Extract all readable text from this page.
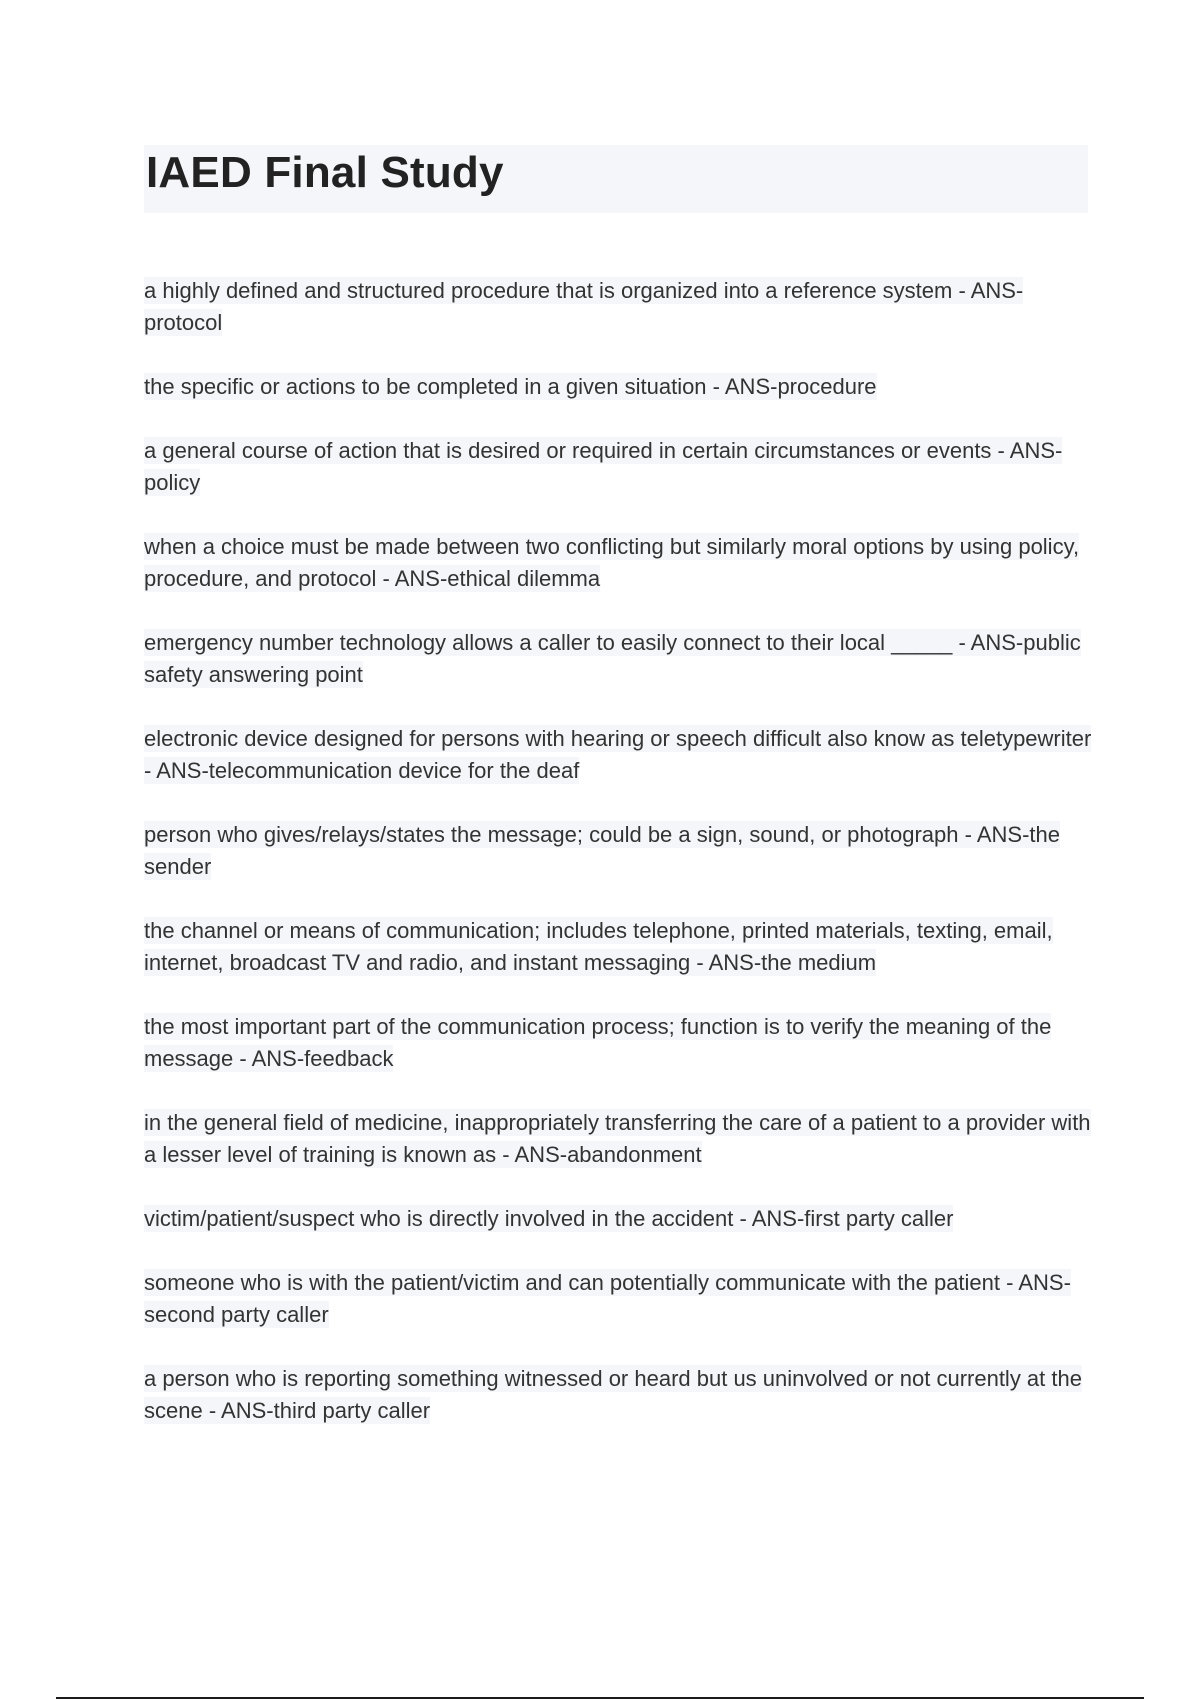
IAED Final Study
a highly defined and structured procedure that is organized into a reference system - ANS-protocol
the specific or actions to be completed in a given situation - ANS-procedure
a general course of action that is desired or required in certain circumstances or events - ANS-policy
when a choice must be made between two conflicting but similarly moral options by using policy, procedure, and protocol - ANS-ethical dilemma
emergency number technology allows a caller to easily connect to their local _____ - ANS-public safety answering point
electronic device designed for persons with hearing or speech difficult also know as teletypewriter - ANS-telecommunication device for the deaf
person who gives/relays/states the message; could be a sign, sound, or photograph - ANS-the sender
the channel or means of communication; includes telephone, printed materials, texting, email, internet, broadcast TV and radio, and instant messaging - ANS-the medium
the most important part of the communication process; function is to verify the meaning of the message - ANS-feedback
in the general field of medicine, inappropriately transferring the care of a patient to a provider with a lesser level of training is known as - ANS-abandonment
victim/patient/suspect who is directly involved in the accident - ANS-first party caller
someone who is with the patient/victim and can potentially communicate with the patient - ANS-second party caller
a person who is reporting something witnessed or heard but us uninvolved or not currently at the scene - ANS-third party caller
